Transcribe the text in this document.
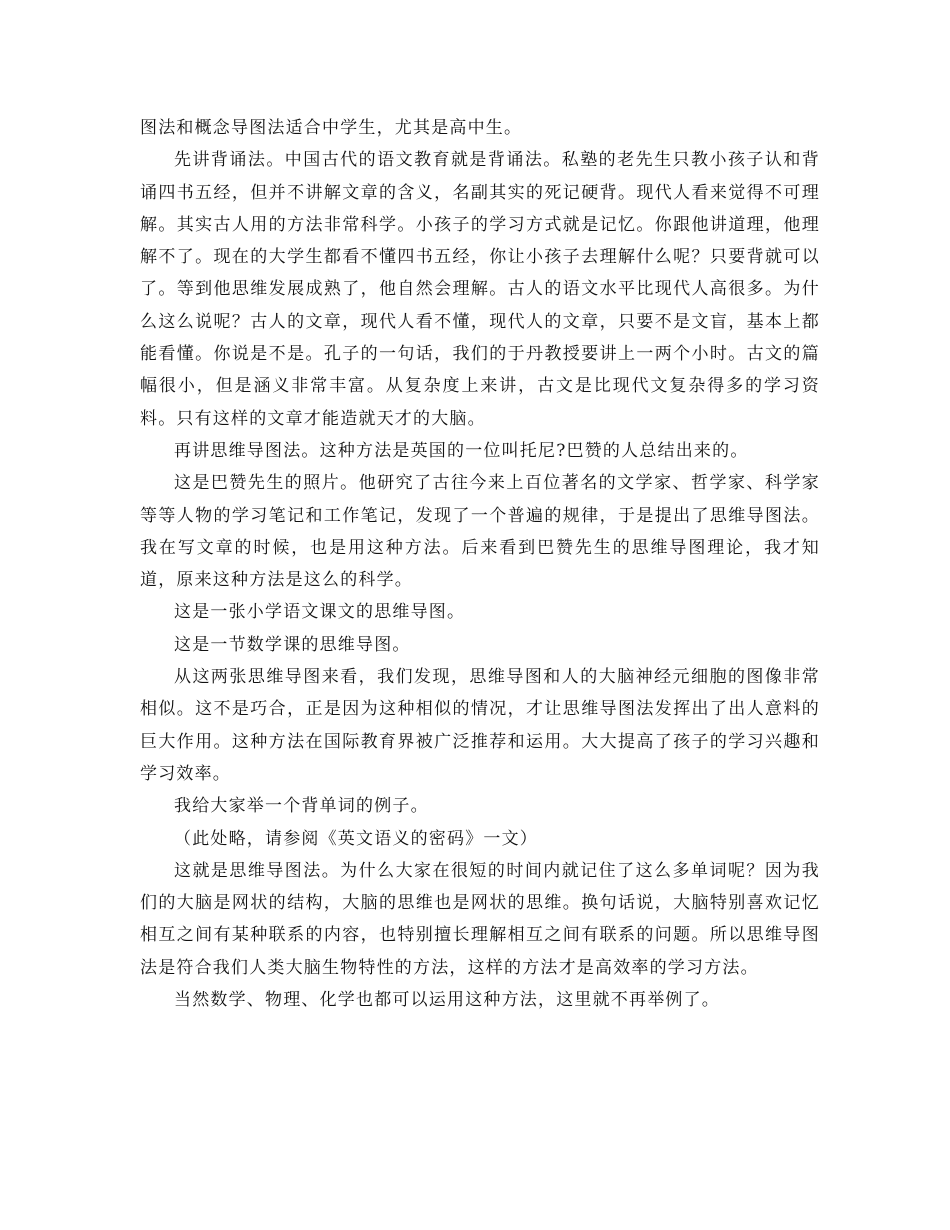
图法和概念导图法适合中学生，尤其是高中生。

先讲背诵法。中国古代的语文教育就是背诵法。私塾的老先生只教小孩子认和背诵四书五经，但并不讲解文章的含义，名副其实的死记硬背。现代人看来觉得不可理解。其实古人用的方法非常科学。小孩子的学习方式就是记忆。你跟他讲道理，他理解不了。现在的大学生都看不懂四书五经，你让小孩子去理解什么呢？只要背就可以了。等到他思维发展成熟了，他自然会理解。古人的语文水平比现代人高很多。为什么这么说呢？古人的文章，现代人看不懂，现代人的文章，只要不是文盲，基本上都能看懂。你说是不是。孔子的一句话，我们的于丹教授要讲上一两个小时。古文的篇幅很小，但是涵义非常丰富。从复杂度上来讲，古文是比现代文复杂得多的学习资料。只有这样的文章才能造就天才的大脑。

再讲思维导图法。这种方法是英国的一位叫托尼?巴赞的人总结出来的。

这是巴赞先生的照片。他研究了古往今来上百位著名的文学家、哲学家、科学家等等人物的学习笔记和工作笔记，发现了一个普遍的规律，于是提出了思维导图法。我在写文章的时候，也是用这种方法。后来看到巴赞先生的思维导图理论，我才知道，原来这种方法是这么的科学。

这是一张小学语文课文的思维导图。

这是一节数学课的思维导图。

从这两张思维导图来看，我们发现，思维导图和人的大脑神经元细胞的图像非常相似。这不是巧合，正是因为这种相似的情况，才让思维导图法发挥出了出人意料的巨大作用。这种方法在国际教育界被广泛推荐和运用。大大提高了孩子的学习兴趣和学习效率。

我给大家举一个背单词的例子。

（此处略，请参阅《英文语义的密码》一文）

这就是思维导图法。为什么大家在很短的时间内就记住了这么多单词呢？因为我们的大脑是网状的结构，大脑的思维也是网状的思维。换句话说，大脑特别喜欢记忆相互之间有某种联系的内容，也特别擅长理解相互之间有联系的问题。所以思维导图法是符合我们人类大脑生物特性的方法，这样的方法才是高效率的学习方法。

当然数学、物理、化学也都可以运用这种方法，这里就不再举例了。
